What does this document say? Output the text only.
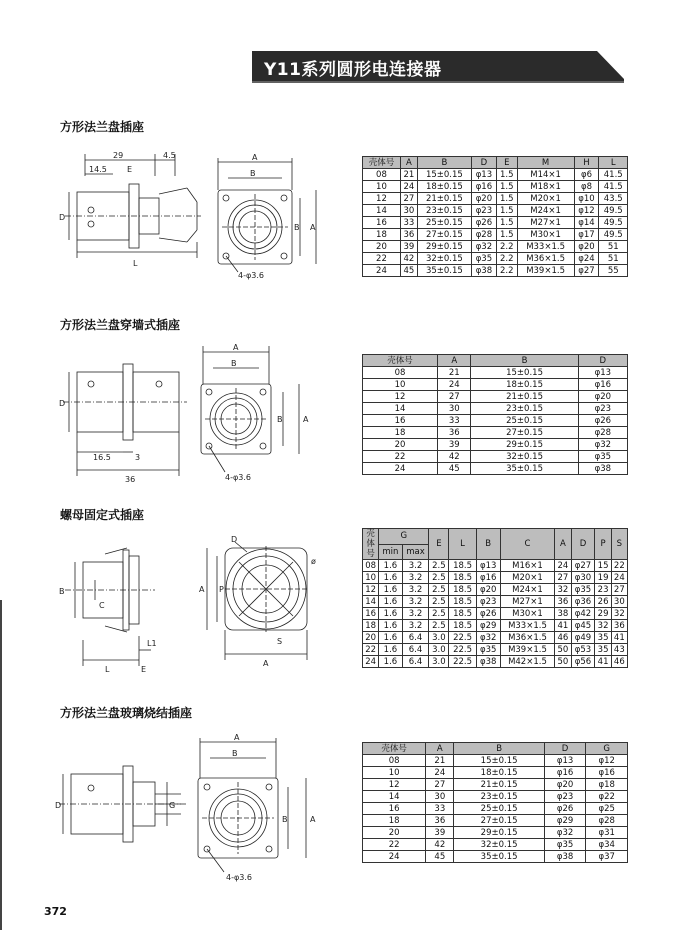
Y11系列圆形电连接器
方形法兰盘插座
29	4.5
14.5	E
D
L
A
B
B A
4-φ3.6
壳体号	A	B	D	E	M	H	L
08	21	15±0.15	φ13	1.5	M14×1	φ6	41.5
10	24	18±0.15	φ16	1.5	M18×1	φ8	41.5
12	27	21±0.15	φ20	1.5	M20×1	φ10	43.5
14	30	23±0.15	φ23	1.5	M24×1	φ12	49.5
16	33	25±0.15	φ26	1.5	M27×1	φ14	49.5
18	36	27±0.15	φ28	1.5	M30×1	φ17	49.5
20	39	29±0.15	φ32	2.2	M33×1.5	φ20	51
22	42	32±0.15	φ35	2.2	M36×1.5	φ24	51
24	45	35±0.15	φ38	2.2	M39×1.5	φ27	55
方形法兰盘穿墙式插座
D
16.5	3
36
A
B
B	A
4-φ3.6
壳体号	A	B	D
08	21	15±0.15	φ13
10	24	18±0.15	φ16
12	27	21±0.15	φ20
14	30	23±0.15	φ23
16	33	25±0.15	φ26
18	36	27±0.15	φ28
20	39	29±0.15	φ32
22	42	32±0.15	φ35
24	45	35±0.15	φ38
螺母固定式插座
B
C
L	E
L1
D
A P
S
A
ø
壳
体
号	G		E	L	B	C	A	D	P	S
	min	max								
08	1.6	3.2	2.5	18.5	φ13	M16×1	24	φ27	15	22
10	1.6	3.2	2.5	18.5	φ16	M20×1	27	φ30	19	24
12	1.6	3.2	2.5	18.5	φ20	M24×1	32	φ35	23	27
14	1.6	3.2	2.5	18.5	φ23	M27×1	36	φ36	26	30
16	1.6	3.2	2.5	18.5	φ26	M30×1	38	φ42	29	32
18	1.6	3.2	2.5	18.5	φ29	M33×1.5	41	φ45	32	36
20	1.6	6.4	3.0	22.5	φ32	M36×1.5	46	φ49	35	41
22	1.6	6.4	3.0	22.5	φ35	M39×1.5	50	φ53	35	43
24	1.6	6.4	3.0	22.5	φ38	M42×1.5	50	φ56	41	46
方形法兰盘玻璃烧结插座
D	G
A
B
B	A
4-φ3.6
壳体号	A	B	D	G
08	21	15±0.15	φ13	φ12
10	24	18±0.15	φ16	φ16
12	27	21±0.15	φ20	φ18
14	30	23±0.15	φ23	φ22
16	33	25±0.15	φ26	φ25
18	36	27±0.15	φ29	φ28
20	39	29±0.15	φ32	φ31
22	42	32±0.15	φ35	φ34
24	45	35±0.15	φ38	φ37
372
